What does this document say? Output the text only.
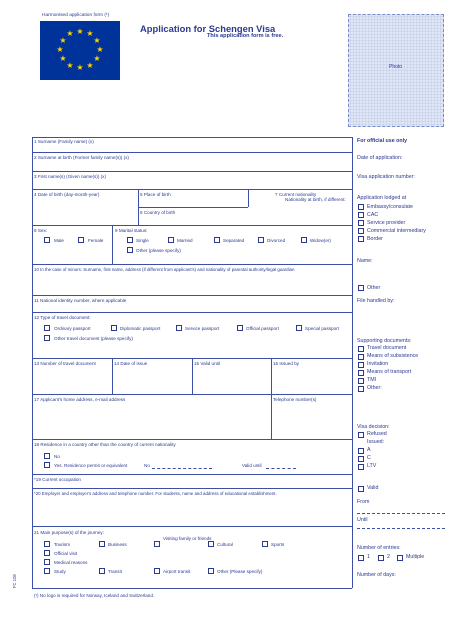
Harmonised application form (¹)
★ ★
★
★
★
★
★
★
★
★
★
★	Application for Schengen Visa
This application form is free.
Photo
1 Surname (Family name) (x)
2 Surname at birth (Former family name(s)) (x)
3 First name(s) (Given name(s)) (x)
4 Date of birth (day-month-year)	5 Place of birth
6 Country of birth
7 Current nationality
Nationality at birth, if different:
8 Sex:
Male	Female
9 Marital status:
Single	Married	Separated	Divorced	Widow(er)
Other (please specify)
10 In the case of minors: Surname, first name, address (if different from applicant's) and nationality of parental authority/legal guardian
11 National identity number, where applicable
12 Type of travel document:
Ordinary passport	Diplomatic passport	Service passport	Official passport	Special passport
Other travel document (please specify)
13 Number of travel document	14 Date of issue	15 Valid until	16 Issued by
17 Applicant's home address, e-mail address	Telephone number(s)
18 Residence in a country other than the country of current nationality
No
Yes. Residence permit or equivalent	No	Valid until
*19 Current occupation
*20 Employer and employer's address and telephone number. For students, name and address of educational establishment.
21 Main purpose(s) of the journey:
Visiting family or friends
Tourism	Business	Cultural	Sports
Official visit
Medical reasons
Study	Transit	Airport transit	Other (Please specify)
FC 108
(¹) No logo is required for Norway, Iceland and Switzerland.
For official use only
Date of application:
Visa application number:
Application lodged at
Embassy/consulate
CAC
Service provider
Commercial intermediary
Border
Name:
Other
File handled by:
Supporting documents:
Travel document
Means of subsistence
Invitation
Means of transport
TMI
Other:
Visa decision:
Refused
Issued:
A
C
LTV
Valid
From
Until
Number of entries:
1	2	Multiple
Number of days:
